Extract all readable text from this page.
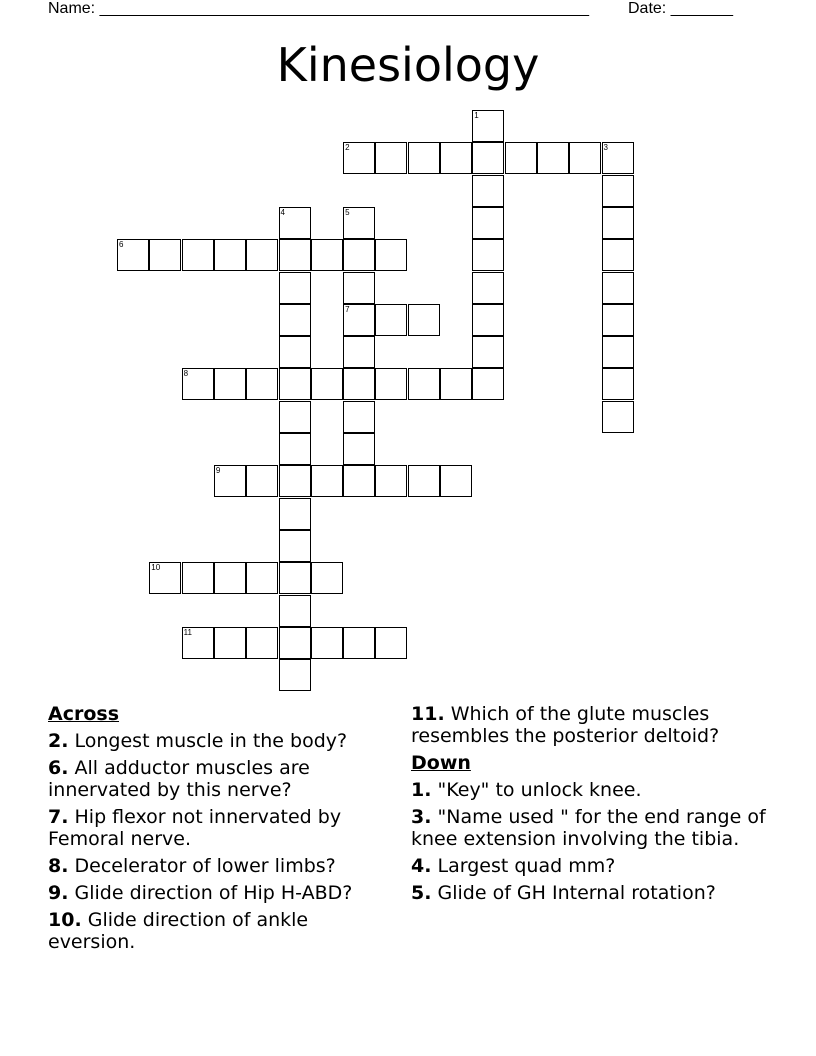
Name: _______________________________________________________ Date: _______
Kinesiology
1
2	3
4	5
7
6
8
9
10
11
Across
2. Longest muscle in the body?
6. All adductor muscles are innervated by this nerve?
7. Hip flexor not innervated by Femoral nerve.
8. Decelerator of lower limbs?
9. Glide direction of Hip H-ABD?
10. Glide direction of ankle eversion.
11. Which of the glute muscles resembles the posterior deltoid?
Down
1. "Key" to unlock knee.
3. "Name used " for the end range of knee extension involving the tibia.
4. Largest quad mm?
5. Glide of GH Internal rotation?
